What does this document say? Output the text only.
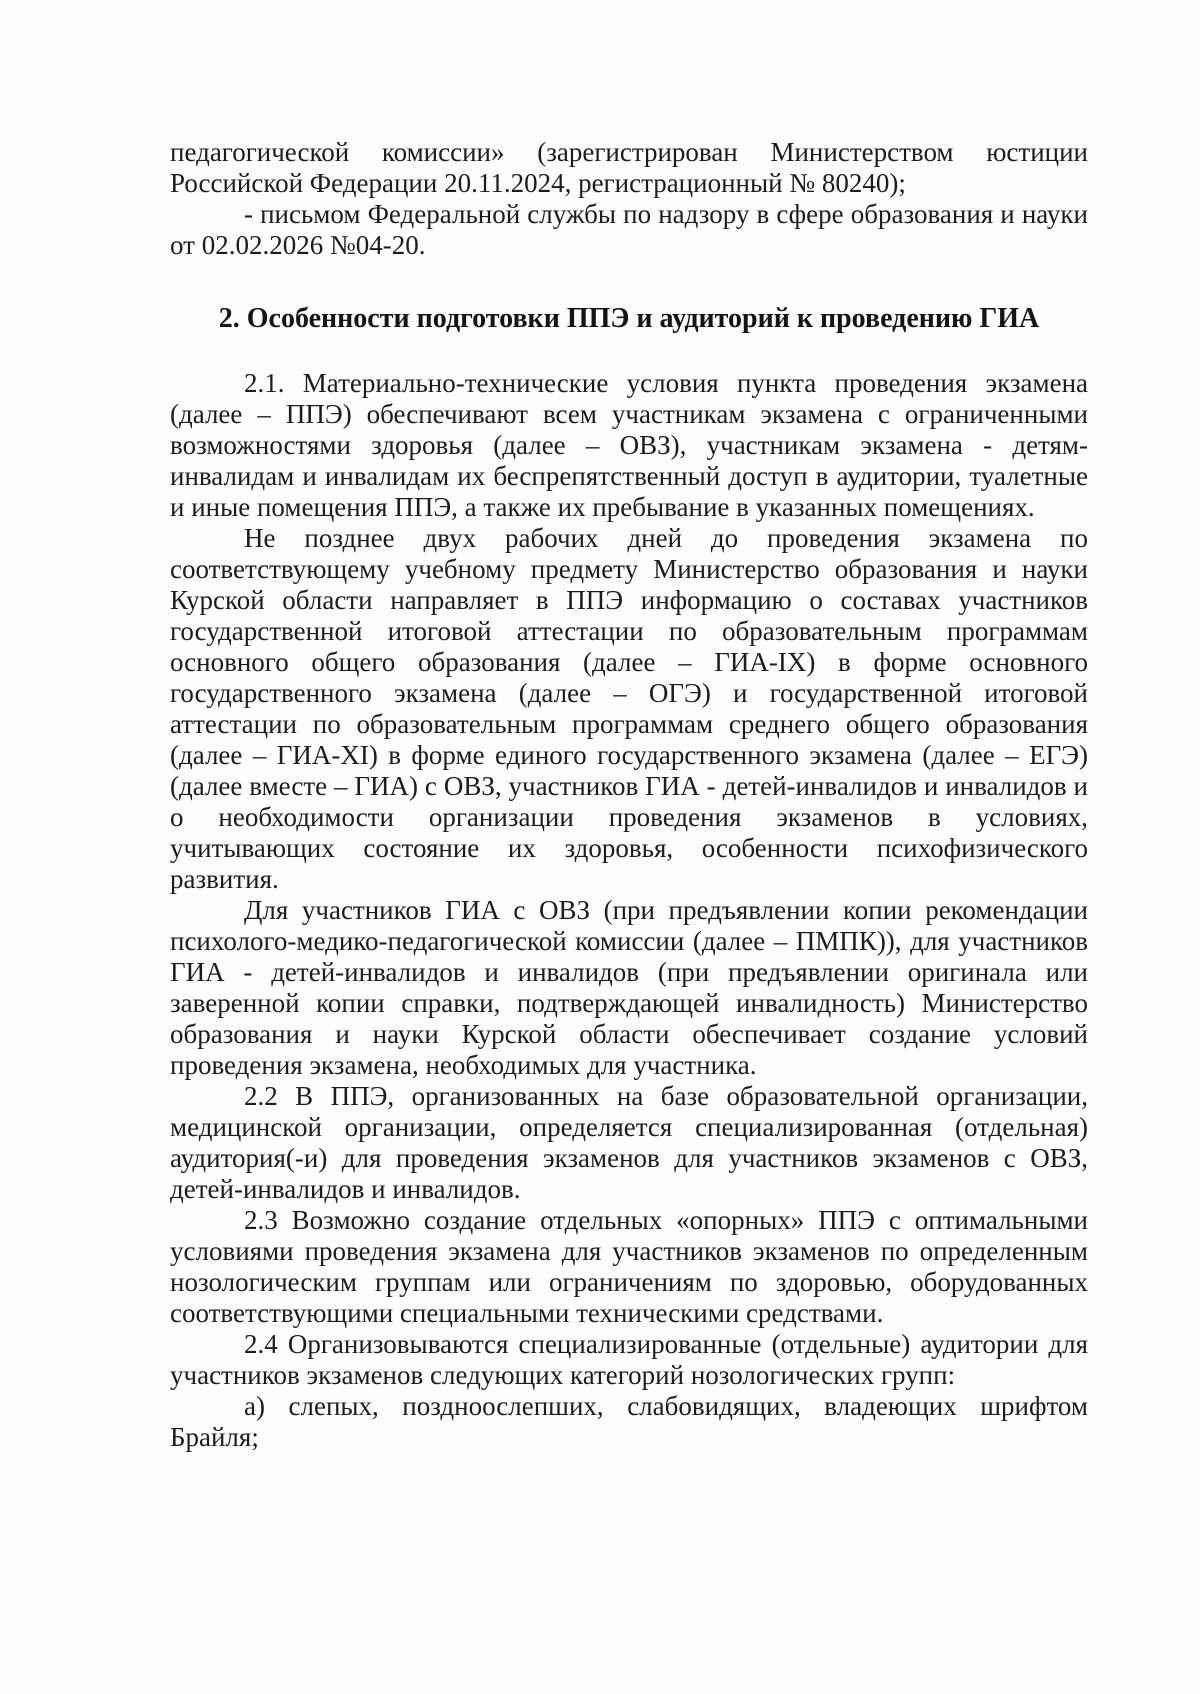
педагогической комиссии» (зарегистрирован Министерством юстиции Российской Федерации 20.11.2024, регистрационный № 80240);

- письмом Федеральной службы по надзору в сфере образования и науки от 02.02.2026 №04-20.

2. Особенности подготовки ППЭ и аудиторий к проведению ГИА

2.1. Материально-технические условия пункта проведения экзамена (далее – ППЭ) обеспечивают всем участникам экзамена с ограниченными возможностями здоровья (далее – ОВЗ), участникам экзамена - детям-инвалидам и инвалидам их беспрепятственный доступ в аудитории, туалетные и иные помещения ППЭ, а также их пребывание в указанных помещениях.

Не позднее двух рабочих дней до проведения экзамена по соответствующему учебному предмету Министерство образования и науки Курской области направляет в ППЭ информацию о составах участников государственной итоговой аттестации по образовательным программам основного общего образования (далее – ГИА-IX) в форме основного государственного экзамена (далее – ОГЭ) и государственной итоговой аттестации по образовательным программам среднего общего образования (далее – ГИА-XI) в форме единого государственного экзамена (далее – ЕГЭ) (далее вместе – ГИА) с ОВЗ, участников ГИА - детей-инвалидов и инвалидов и о необходимости организации проведения экзаменов в условиях, учитывающих состояние их здоровья, особенности психофизического развития.

Для участников ГИА с ОВЗ (при предъявлении копии рекомендации психолого-медико-педагогической комиссии (далее – ПМПК)), для участников ГИА - детей-инвалидов и инвалидов (при предъявлении оригинала или заверенной копии справки, подтверждающей инвалидность) Министерство образования и науки Курской области обеспечивает создание условий проведения экзамена, необходимых для участника.

2.2 В ППЭ, организованных на базе образовательной организации, медицинской организации, определяется специализированная (отдельная) аудитория(-и) для проведения экзаменов для участников экзаменов с ОВЗ, детей-инвалидов и инвалидов.

2.3 Возможно создание отдельных «опорных» ППЭ с оптимальными условиями проведения экзамена для участников экзаменов по определенным нозологическим группам или ограничениям по здоровью, оборудованных соответствующими специальными техническими средствами.

2.4 Организовываются специализированные (отдельные) аудитории для участников экзаменов следующих категорий нозологических групп:

а) слепых, поздноослепших, слабовидящих, владеющих шрифтом Брайля;
